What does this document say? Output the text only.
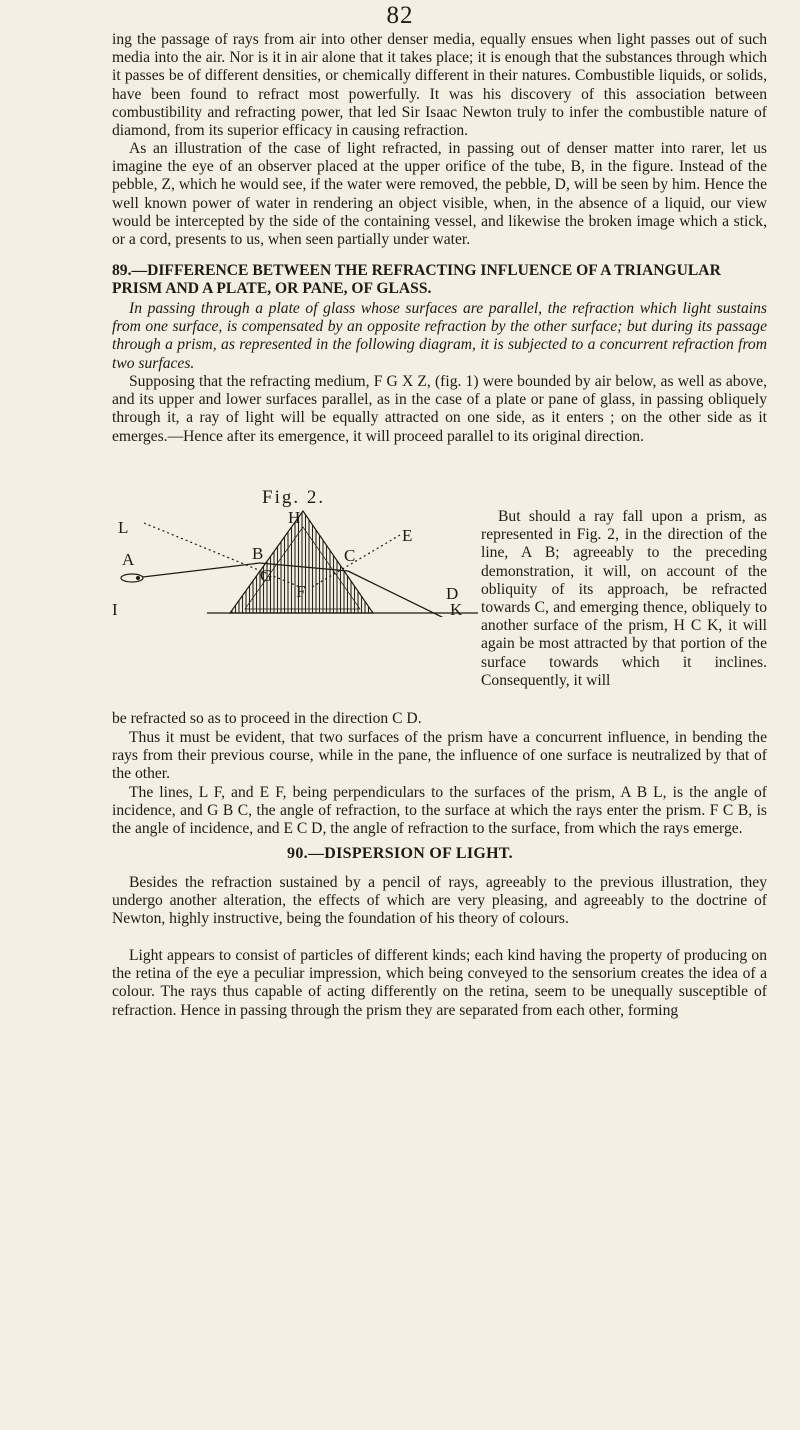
82

ing the passage of rays from air into other denser media, equally ensues when light passes out of such media into the air. Nor is it in air alone that it takes place; it is enough that the substances through which it passes be of different densities, or chemically different in their natures. Combustible liquids, or solids, have been found to refract most powerfully. It was his discovery of this association between combustibility and refracting power, that led Sir Isaac Newton truly to infer the combustible nature of diamond, from its superior efficacy in causing refraction.

As an illustration of the case of light refracted, in passing out of denser matter into rarer, let us imagine the eye of an observer placed at the upper orifice of the tube, B, in the figure. Instead of the pebble, Z, which he would see, if the water were removed, the pebble, D, will be seen by him. Hence the well known power of water in rendering an object visible, when, in the absence of a liquid, our view would be intercepted by the side of the containing vessel, and likewise the broken image which a stick, or a cord, presents to us, when seen partially under water.

89.—DIFFERENCE BETWEEN THE REFRACTING INFLUENCE OF A TRIANGULAR PRISM AND A PLATE, OR PANE, OF GLASS.

In passing through a plate of glass whose surfaces are parallel, the refraction which light sustains from one surface, is compensated by an opposite refraction by the other surface; but during its passage through a prism, as represented in the following diagram, it is subjected to a concurrent refraction from two surfaces.

Supposing that the refracting medium, F G X Z, (fig. 1) were bounded by air below, as well as above, and its upper and lower surfaces parallel, as in the case of a plate or pane of glass, in passing obliquely through it, a ray of light will be equally attracted on one side, as it enters ; on the other side as it emerges.—Hence after its emergence, it will proceed parallel to its original direction.

Fig. 2.
H
L	E
A	B	C
G
F	D
I	K

But should a ray fall upon a prism, as represented in Fig. 2, in the direction of the line, A B; agreeably to the preceding demonstration, it will, on account of the obliquity of its approach, be refracted towards C, and emerging thence, obliquely to another surface of the prism, H C K, it will again be most attracted by that portion of the surface towards which it inclines. Consequently, it will

be refracted so as to proceed in the direction C D.

Thus it must be evident, that two surfaces of the prism have a concurrent influence, in bending the rays from their previous course, while in the pane, the influence of one surface is neutralized by that of the other.

The lines, L F, and E F, being perpendiculars to the surfaces of the prism, A B L, is the angle of incidence, and G B C, the angle of refraction, to the surface at which the rays enter the prism. F C B, is the angle of incidence, and E C D, the angle of refraction to the surface, from which the rays emerge.

90.—DISPERSION OF LIGHT.

Besides the refraction sustained by a pencil of rays, agreeably to the previous illustration, they undergo another alteration, the effects of which are very pleasing, and agreeably to the doctrine of Newton, highly instructive, being the foundation of his theory of colours.

Light appears to consist of particles of different kinds; each kind having the property of producing on the retina of the eye a peculiar impression, which being conveyed to the sensorium creates the idea of a colour. The rays thus capable of acting differently on the retina, seem to be unequally susceptible of refraction. Hence in passing through the prism they are separated from each other, forming
